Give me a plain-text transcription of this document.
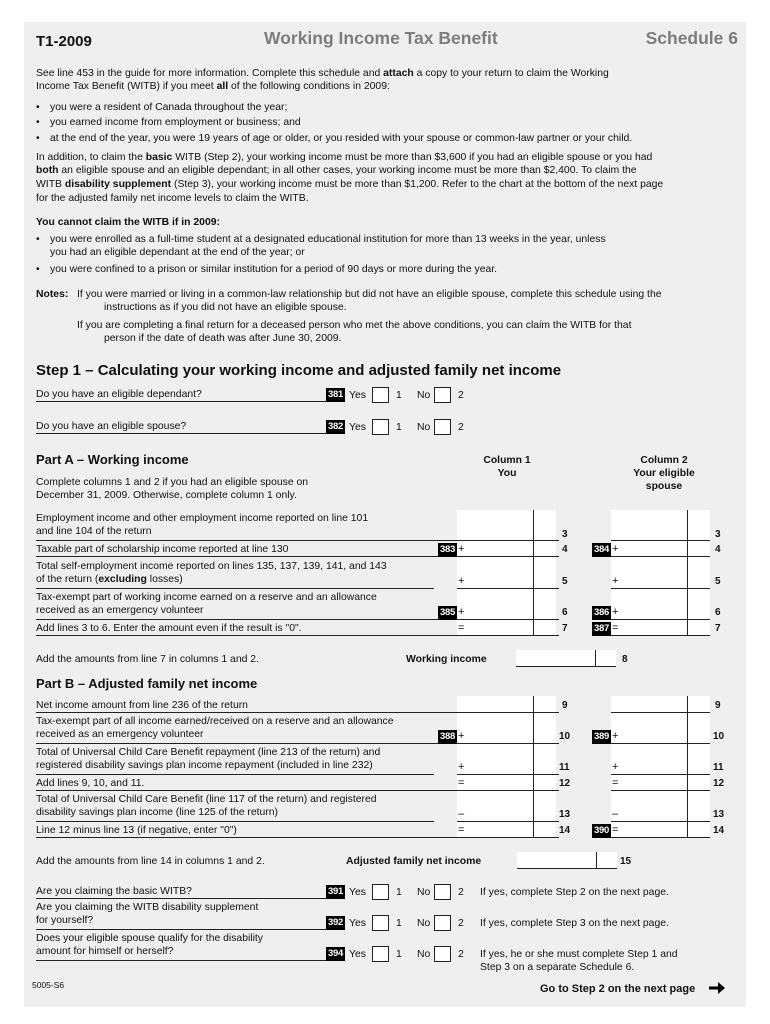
T1-2009	Working Income Tax Benefit	Schedule 6
See line 453 in the guide for more information. Complete this schedule and attach a copy to your return to claim the Working
Income Tax Benefit (WITB) if you meet all of the following conditions in 2009:
• you were a resident of Canada throughout the year;
• you earned income from employment or business; and
• at the end of the year, you were 19 years of age or older, or you resided with your spouse or common-law partner or your child.
In addition, to claim the basic WITB (Step 2), your working income must be more than $3,600 if you had an eligible spouse or you had
both an eligible spouse and an eligible dependant; in all other cases, your working income must be more than $2,400. To claim the
WITB disability supplement (Step 3), your working income must be more than $1,200. Refer to the chart at the bottom of the next page
for the adjusted family net income levels to claim the WITB.
You cannot claim the WITB if in 2009:
• you were enrolled as a full-time student at a designated educational institution for more than 13 weeks in the year, unless
you had an eligible dependant at the end of the year; or
• you were confined to a prison or similar institution for a period of 90 days or more during the year.
Notes: If you were married or living in a common-law relationship but did not have an eligible spouse, complete this schedule using the
instructions as if you did not have an eligible spouse.
If you are completing a final return for a deceased person who met the above conditions, you can claim the WITB for that
person if the date of death was after June 30, 2009.
Step 1 – Calculating your working income and adjusted family net income
Do you have an eligible dependant?	381 Yes	1 No	2
Do you have an eligible spouse?	382 Yes	1 No	2
Part A – Working income	Column 1
You
Column 2
Your eligible
spouse
Complete columns 1 and 2 if you had an eligible spouse on
December 31, 2009. Otherwise, complete column 1 only.
Employment income and other employment income reported on line 101
and line 104 of the return	3	3
Taxable part of scholarship income reported at line 130	383 +	4	384 +	4
Total self-employment income reported on lines 135, 137, 139, 141, and 143
of the return (excluding losses)	+	5	+	5
Tax-exempt part of working income earned on a reserve and an allowance
received as an emergency volunteer	385 +	6	386 +	6
Add lines 3 to 6. Enter the amount even if the result is "0".	=	7	387 =	7
Add the amounts from line 7 in columns 1 and 2.	Working income	8
Part B – Adjusted family net income
Net income amount from line 236 of the return	9	9
Tax-exempt part of all income earned/received on a reserve and an allowance
received as an emergency volunteer	388 +	10	389 +	10
Total of Universal Child Care Benefit repayment (line 213 of the return) and
registered disability savings plan income repayment (included in line 232)	+	11	+	11
Add lines 9, 10, and 11.	=	12	=	12
Total of Universal Child Care Benefit (line 117 of the return) and registered
disability savings plan income (line 125 of the return)	–	13	–	13
Line 12 minus line 13 (if negative, enter "0")	=	14	390 =	14
Add the amounts from line 14 in columns 1 and 2.	Adjusted family net income	15
Are you claiming the basic WITB?	391 Yes	1 No	2 If yes, complete Step 2 on the next page.
Are you claiming the WITB disability supplement
for yourself?	392 Yes	1 No	2 If yes, complete Step 3 on the next page.
Does your eligible spouse qualify for the disability
amount for himself or herself?	394 Yes	1 No	2 If yes, he or she must complete Step 1 and
Step 3 on a separate Schedule 6.
5005-S6	Go to Step 2 on the next page
